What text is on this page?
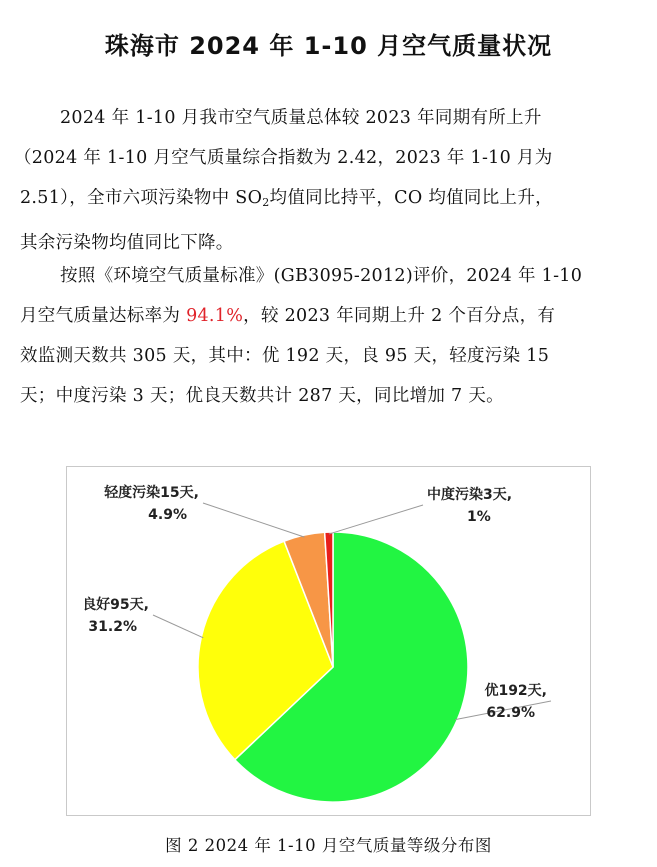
珠海市 2024 年 1-10 月空气质量状况
2024 年 1-10 月我市空气质量总体较 2023 年同期有所上升
（2024 年 1-10 月空气质量综合指数为 2.42，2023 年 1-10 月为
2.51），全市六项污染物中 $SO_2$均值同比持平，CO 均值同比上升，
其余污染物均值同比下降。
按照《环境空气质量标准》(GB3095-2012)评价，2024 年 1-10
月空气质量达标率为 94.1%，较 2023 年同期上升 2 个百分点，有
效监测天数共 305 天，其中：优 192 天，良 95 天，轻度污染 15
天；中度污染 3 天；优良天数共计 287 天，同比增加 7 天。
优192天,
62.9%
良好95天,
31.2%
轻度污染15天,
4.9%
中度污染3天,
1%
图 2 2024 年 1-10 月空气质量等级分布图
